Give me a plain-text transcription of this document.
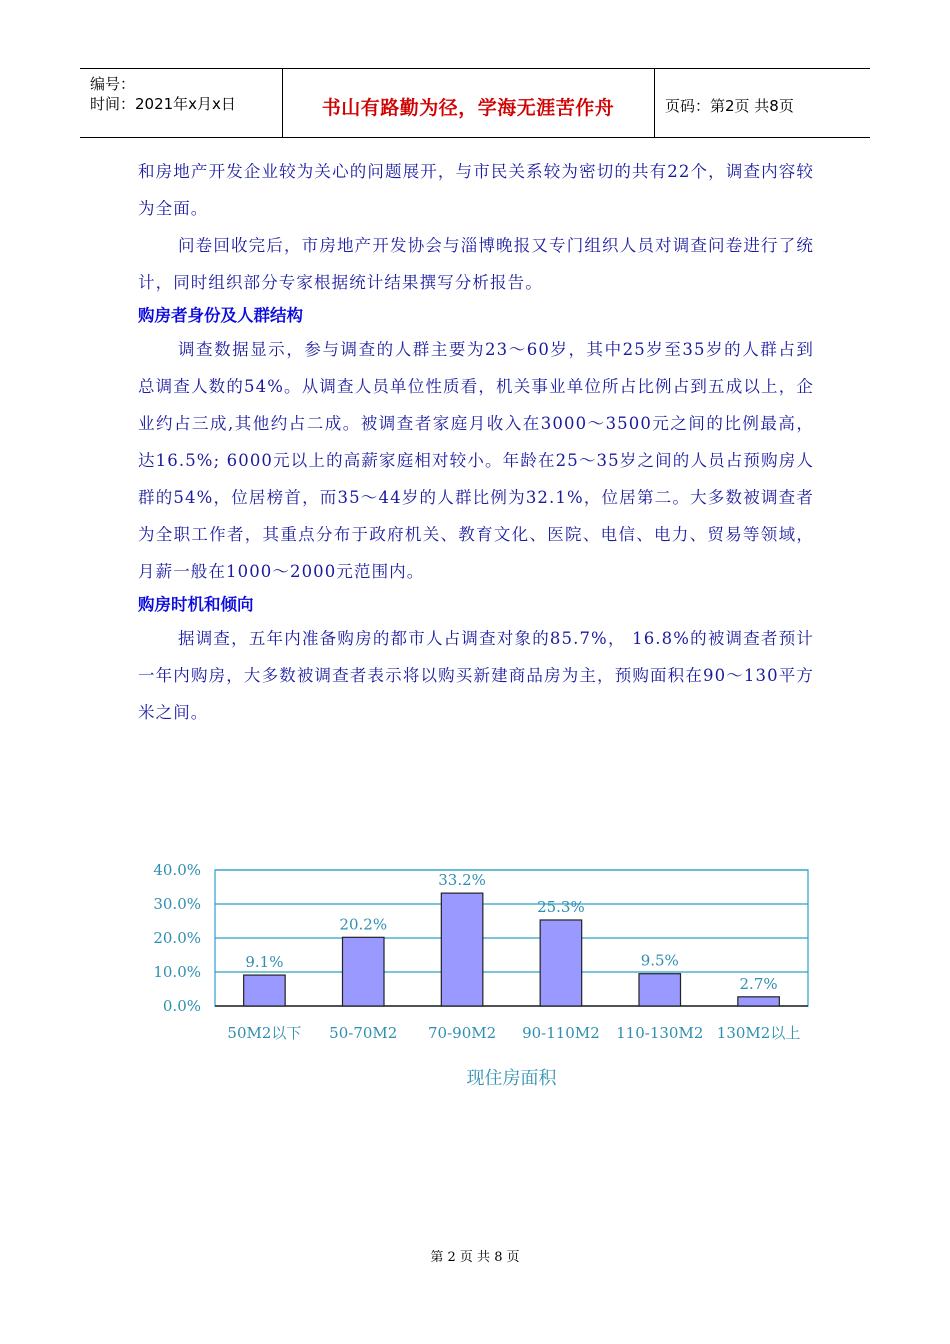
编号：
时间：2021年x月x日	书山有路勤为径，学海无涯苦作舟	页码：第2页 共8页

和房地产开发企业较为关心的问题展开，与市民关系较为密切的共有22个，调查内容较为全面。

问卷回收完后，市房地产开发协会与淄博晚报又专门组织人员对调查问卷进行了统计，同时组织部分专家根据统计结果撰写分析报告。

购房者身份及人群结构

调查数据显示，参与调查的人群主要为23～60岁，其中25岁至35岁的人群占到总调查人数的54%。从调查人员单位性质看，机关事业单位所占比例占到五成以上，企业约占三成,其他约占二成。被调查者家庭月收入在3000～3500元之间的比例最高，达16.5%; 6000元以上的高薪家庭相对较小。年龄在25～35岁之间的人员占预购房人群的54%，位居榜首，而35～44岁的人群比例为32.1%，位居第二。大多数被调查者为全职工作者，其重点分布于政府机关、教育文化、医院、电信、电力、贸易等领域，月薪一般在1000～2000元范围内。

购房时机和倾向

据调查，五年内准备购房的都市人占调查对象的85.7%， 16.8%的被调查者预计一年内购房，大多数被调查者表示将以购买新建商品房为主，预购面积在90～130平方米之间。

0.0%
10.0%
20.0%
30.0%
40.0%
9.1%
50M2以下
20.2%
50-70M2
33.2%
70-90M2
25.3%
90-110M2
9.5%
110-130M2
2.7%
130M2以上
现住房面积
第 2 页 共 8 页
